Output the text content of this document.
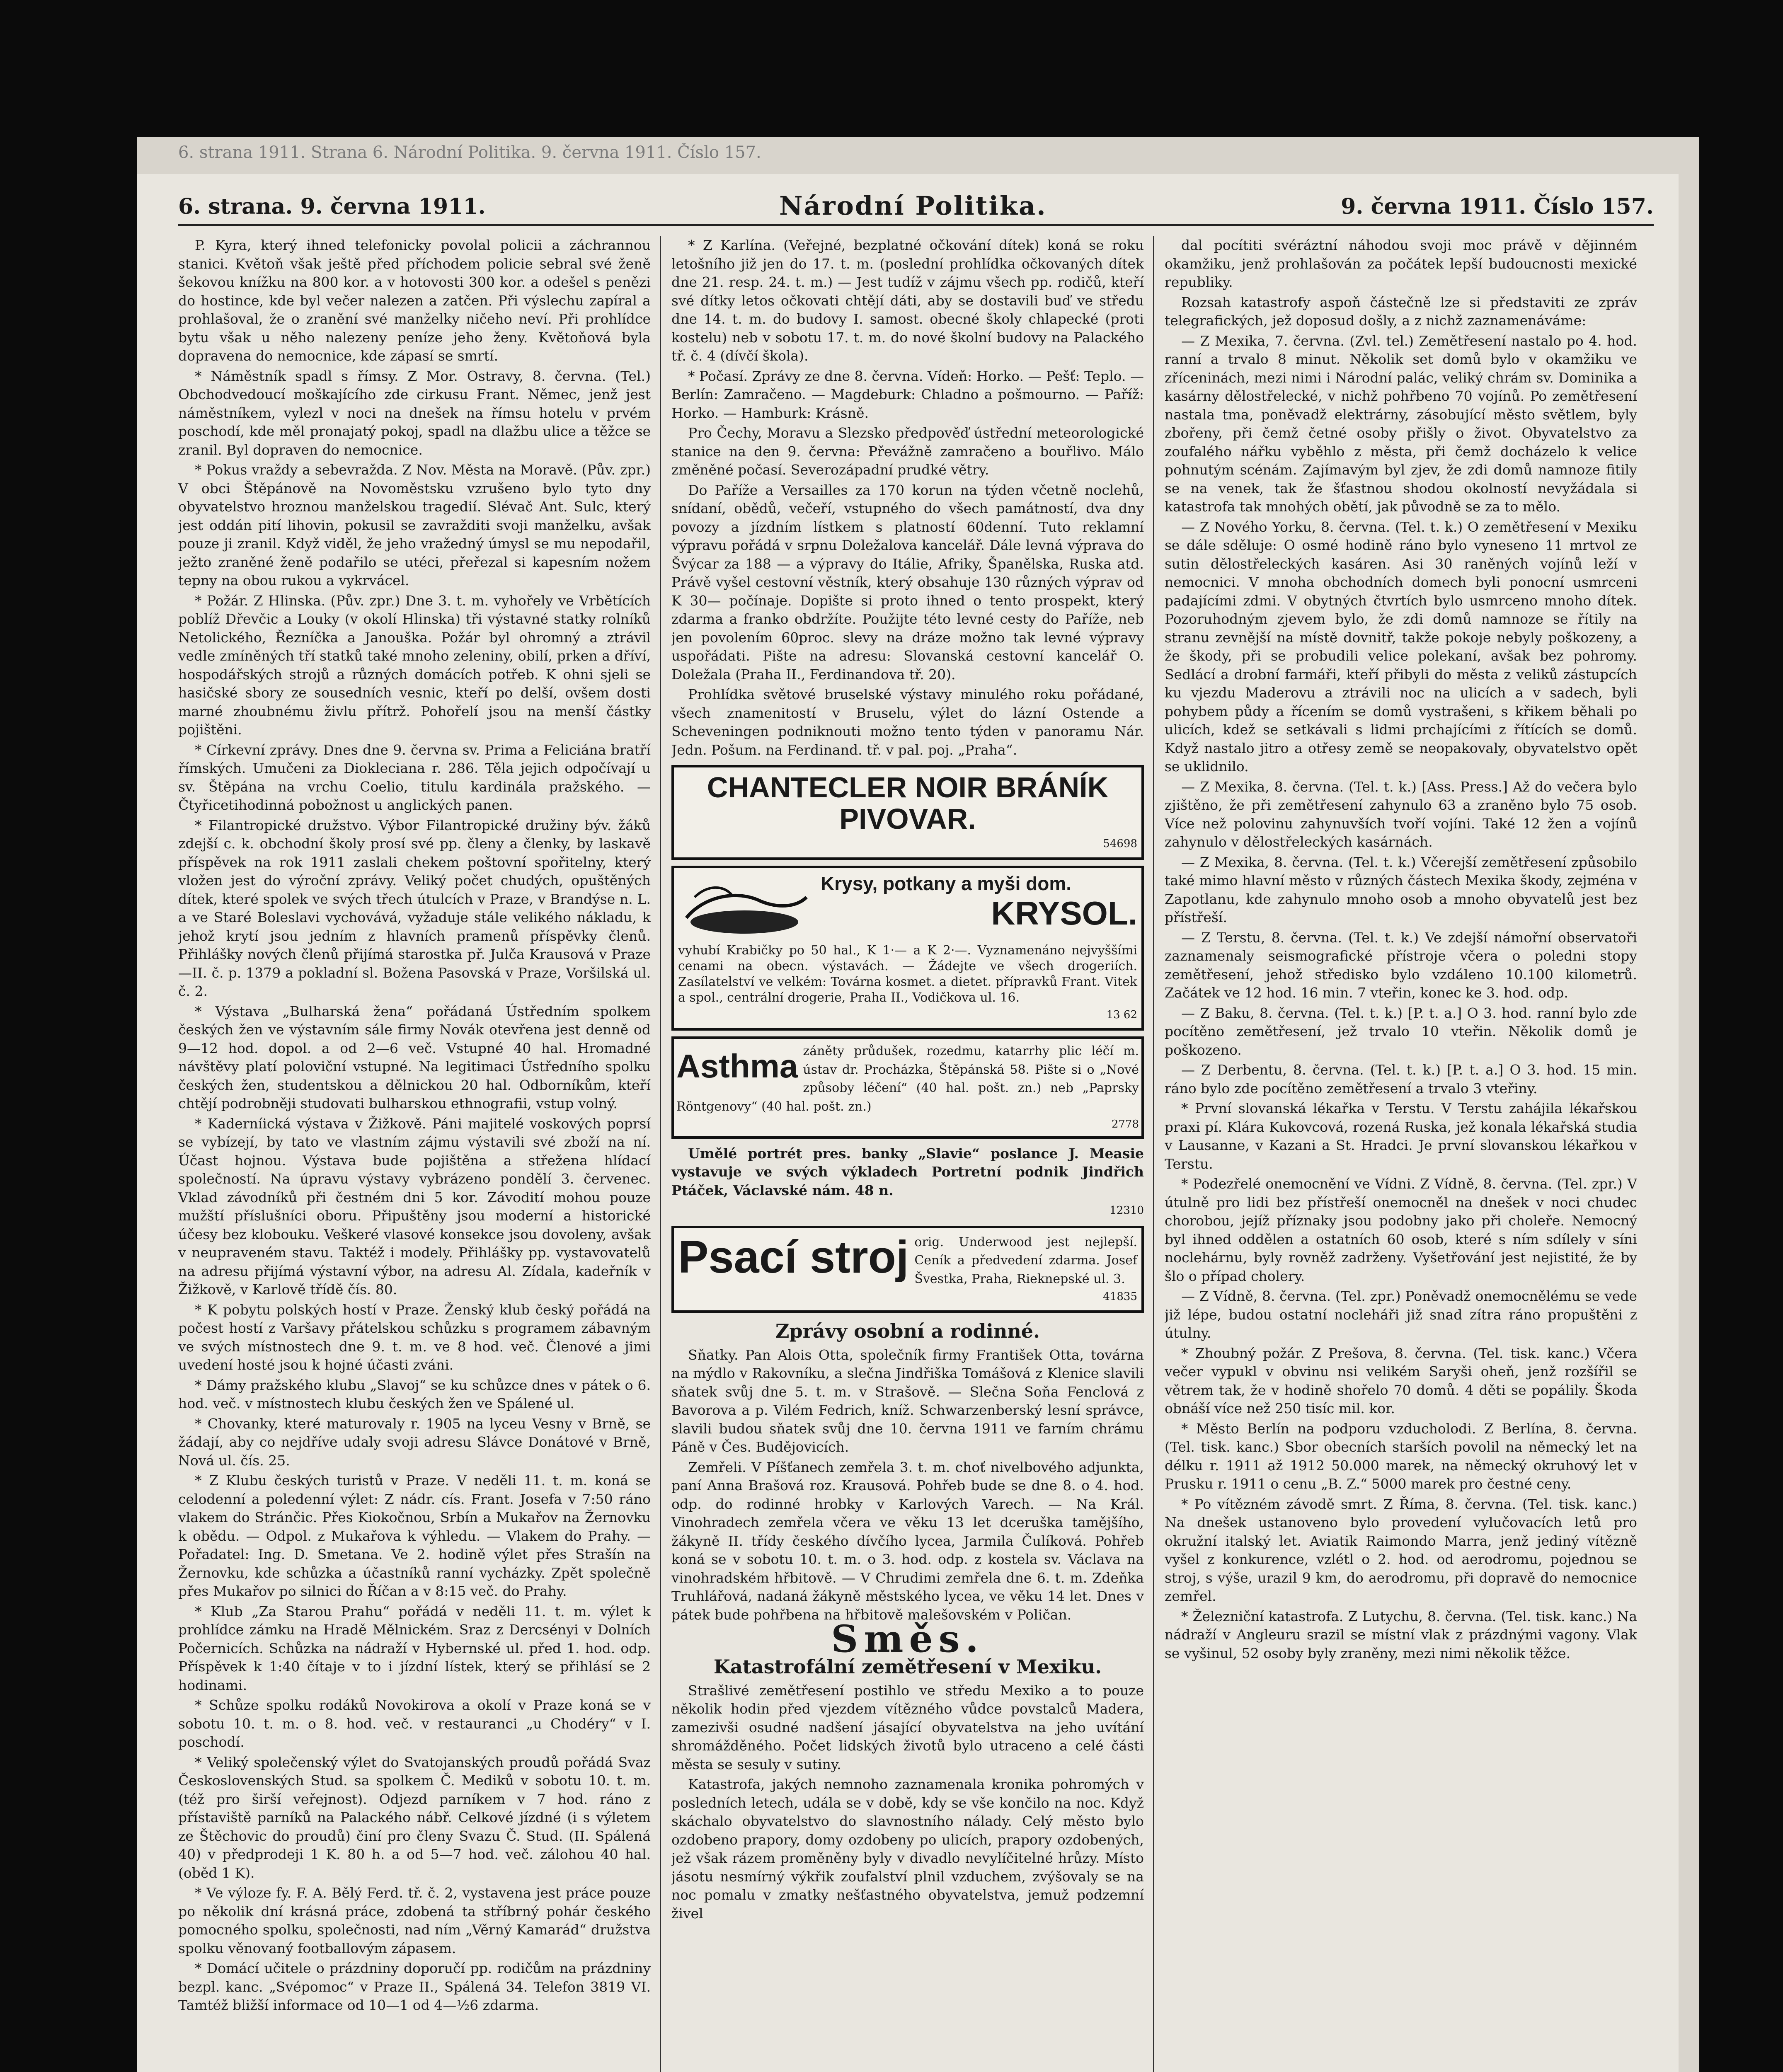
6. strana 1911. Strana 6. Národní Politika. 9. června 1911. Číslo 157.
6. strana. 9. června 1911.	Národní Politika.	9. června 1911. Číslo 157.

P. Kyra, který ihned telefonicky povolal policii a záchrannou stanici. Květoň však ještě před příchodem policie sebral své ženě šekovou knížku na 800 kor. a v hotovosti 300 kor. a odešel s penězi do hostince, kde byl večer nalezen a zatčen. Při výslechu zapíral a prohlašoval, že o zranění své manželky ničeho neví. Při prohlídce bytu však u něho nalezeny peníze jeho ženy. Květoňová byla dopravena do nemocnice, kde zápasí se smrtí.

* Náměstník spadl s římsy. Z Mor. Ostravy, 8. června. (Tel.) Obchodvedoucí moškajícího zde cirkusu Frant. Němec, jenž jest náměstníkem, vylezl v noci na dnešek na římsu hotelu v prvém poschodí, kde měl pronajatý pokoj, spadl na dlažbu ulice a těžce se zranil. Byl dopraven do nemocnice.

* Pokus vraždy a sebevražda. Z Nov. Města na Moravě. (Pův. zpr.) V obci Štěpánově na Novoměstsku vzrušeno bylo tyto dny obyvatelstvo hroznou manželskou tragedií. Slévač Ant. Sulc, který jest oddán pití lihovin, pokusil se zavražditi svoji manželku, avšak pouze ji zranil. Když viděl, že jeho vražedný úmysl se mu nepodařil, ježto zraněné ženě podařilo se utéci, přeřezal si kapesním nožem tepny na obou rukou a vykrvácel.

* Požár. Z Hlinska. (Pův. zpr.) Dne 3. t. m. vyhořely ve Vrbětících poblíž Dřevčic a Louky (v okolí Hlinska) tři výstavné statky rolníků Netolického, Řezníčka a Janouška. Požár byl ohromný a ztrávil vedle zmíněných tří statků také mnoho zeleniny, obilí, prken a dříví, hospodářských strojů a různých domácích potřeb. K ohni sjeli se hasičské sbory ze sousedních vesnic, kteří po delší, ovšem dosti marné zhoubnému živlu přítrž. Pohořelí jsou na menší částky pojištěni.

* Církevní zprávy. Dnes dne 9. června sv. Prima a Feliciána bratří římských. Umučeni za Diokleciana r. 286. Těla jejich odpočívají u sv. Štěpána na vrchu Coelio, titulu kardinála pražského. — Čtyřicetihodinná pobožnost u anglických panen.

* Filantropické družstvo. Výbor Filantropické družiny býv. žáků zdejší c. k. obchodní školy prosí své pp. členy a členky, by laskavě příspěvek na rok 1911 zaslali chekem poštovní spořitelny, který vložen jest do výroční zprávy. Veliký počet chudých, opuštěných dítek, které spolek ve svých třech útulcích v Praze, v Brandýse n. L. a ve Staré Boleslavi vychovává, vyžaduje stále velikého nákladu, k jehož krytí jsou jedním z hlavních pramenů příspěvky členů. Přihlášky nových členů přijímá starostka př. Julča Krausová v Praze—II. č. p. 1379 a pokladní sl. Božena Pasovská v Praze, Voršilská ul. č. 2.

* Výstava „Bulharská žena“ pořádaná Ústředním spolkem českých žen ve výstavním sále firmy Novák otevřena jest denně od 9—12 hod. dopol. a od 2—6 več. Vstupné 40 hal. Hromadné návštěvy platí poloviční vstupné. Na legitimaci Ústředního spolku českých žen, studentskou a dělnickou 20 hal. Odborníkům, kteří chtějí podrobněji studovati bulharskou ethnografii, vstup volný.

* Kaderníická výstava v Žižkově. Páni majitelé voskových poprsí se vybízejí, by tato ve vlastním zájmu výstavili své zboží na ní. Účast hojnou. Výstava bude pojištěna a střežena hlídací společností. Na úpravu výstavy vybrázeno pondělí 3. červenec. Vklad závodníků při čestném dni 5 kor. Závodití mohou pouze mužští příslušníci oboru. Připuštěny jsou moderní a historické účesy bez klobouku. Veškeré vlasové konsekce jsou dovoleny, avšak v neupraveném stavu. Taktéž i modely. Přihlášky pp. vystavovatelů na adresu přijímá výstavní výbor, na adresu Al. Zídala, kadeřník v Žižkově, v Karlově třídě čís. 80.

* K pobytu polských hostí v Praze. Ženský klub český pořádá na počest hostí z Varšavy přátelskou schůzku s programem zábavným ve svých místnostech dne 9. t. m. ve 8 hod. več. Členové a jimi uvedení hosté jsou k hojné účasti zváni.

* Dámy pražského klubu „Slavoj“ se ku schůzce dnes v pátek o 6. hod. več. v místnostech klubu českých žen ve Spálené ul.

* Chovanky, které maturovaly r. 1905 na lyceu Vesny v Brně, se žádají, aby co nejdříve udaly svoji adresu Slávce Donátové v Brně, Nová ul. čís. 25.

* Z Klubu českých turistů v Praze. V neděli 11. t. m. koná se celodenní a poledenní výlet: Z nádr. cís. Frant. Josefa v 7:50 ráno vlakem do Stránčic. Přes Kiokočnou, Srbín a Mukařov na Žernovku k obědu. — Odpol. z Mukařova k výhledu. — Vlakem do Prahy. — Pořadatel: Ing. D. Smetana. Ve 2. hodině výlet přes Strašín na Žernovku, kde schůzka a účastníků ranní vycházky. Zpět společně přes Mukařov po silnici do Říčan a v 8:15 več. do Prahy.

* Klub „Za Starou Prahu“ pořádá v neděli 11. t. m. výlet k prohlídce zámku na Hradě Mělnickém. Sraz z Dercsényi v Dolních Počernicích. Schůzka na nádraží v Hybernské ul. před 1. hod. odp. Příspěvek k 1:40 čítaje v to i jízdní lístek, který se přihlásí se 2 hodinami.

* Schůze spolku rodáků Novokirova a okolí v Praze koná se v sobotu 10. t. m. o 8. hod. več. v restauranci „u Chodéry“ v I. poschodí.

* Veliký společenský výlet do Svatojanských proudů pořádá Svaz Československých Stud. sa spolkem Č. Mediků v sobotu 10. t. m. (též pro širší veřejnost). Odjezd parníkem v 7 hod. ráno z přístaviště parníků na Palackého nábř. Celkové jízdné (i s výletem ze Štěchovic do proudů) činí pro členy Svazu Č. Stud. (II. Spálená 40) v předprodeji 1 K. 80 h. a od 5—7 hod. več. zálohou 40 hal. (oběd 1 K).

* Ve výloze fy. F. A. Bělý Ferd. tř. č. 2, vystavena jest práce pouze po několik dní krásná práce, zdobená ta stříbrný pohár českého pomocného spolku, společnosti, nad ním „Věrný Kamarád“ družstva spolku věnovaný footballovým zápasem.

* Domácí učitele o prázdniny doporučí pp. rodičům na prázdniny bezpl. kanc. „Svépomoc“ v Praze II., Spálená 34. Telefon 3819 VI. Tamtéž bližší informace od 10—1 od 4—½6 zdarma.

* Z Karlína. (Veřejné, bezplatné očkování dítek) koná se roku letošního již jen do 17. t. m. (poslední prohlídka očkovaných dítek dne 21. resp. 24. t. m.) — Jest tudíž v zájmu všech pp. rodičů, kteří své dítky letos očkovati chtějí dáti, aby se dostavili buď ve středu dne 14. t. m. do budovy I. samost. obecné školy chlapecké (proti kostelu) neb v sobotu 17. t. m. do nové školní budovy na Palackého tř. č. 4 (dívčí škola).

* Počasí. Zprávy ze dne 8. června. Vídeň: Horko. — Pešť: Teplo. — Berlín: Zamračeno. — Magdeburk: Chladno a pošmourno. — Paříž: Horko. — Hamburk: Krásně.

Pro Čechy, Moravu a Slezsko předpověď ústřední meteorologické stanice na den 9. června: Převážně zamračeno a bouřlivo. Málo změněné počasí. Severozápadní prudké větry.

Do Paříže a Versailles za 170 korun na týden včetně noclehů, snídaní, obědů, večeří, vstupného do všech památností, dva dny povozy a jízdním lístkem s platností 60denní. Tuto reklamní výpravu pořádá v srpnu Doležalova kancelář. Dále levná výprava do Švýcar za 188 — a výpravy do Itálie, Afriky, Španělska, Ruska atd. Právě vyšel cestovní věstník, který obsahuje 130 různých výprav od K 30— počínaje. Dopište si proto ihned o tento prospekt, který zdarma a franko obdržíte. Použijte této levné cesty do Paříže, neb jen povolením 60proc. slevy na dráze možno tak levné výpravy uspořádati. Pište na adresu: Slovanská cestovní kancelář O. Doležala (Praha II., Ferdinandova tř. 20).

Prohlídka světové bruselské výstavy minulého roku pořádané, všech znamenitostí v Bruselu, výlet do lázní Ostende a Scheveningen podniknouti možno tento týden v panoramu Nár. Jedn. Pošum. na Ferdinand. tř. v pal. poj. „Praha“.

CHANTECLER NOIR BRÁNÍK PIVOVAR.
54698
Krysy, potkany a myši dom.
KRYSOL.
vyhubí Krabičky po 50 hal., K 1·— a K 2·—. Vyznamenáno nejvyššími cenami na obecn. výstavách. — Žádejte ve všech drogeriích. Zasílatelství ve velkém: Továrna kosmet. a dietet. přípravků Frant. Vitek a spol., centrální drogerie, Praha II., Vodičkova ul. 16.
13 62
Asthma záněty průdušek, rozedmu, katarrhy plic léčí m. ústav dr. Procházka, Štěpánská 58. Pište si o „Nové způsoby léčení“ (40 hal. pošt. zn.) neb „Paprsky Röntgenovy“ (40 hal. pošt. zn.)
2778

Umělé portrét pres. banky „Slavie“ poslance J. Measie vystavuje ve svých výkladech Portretní podnik Jindřich Ptáček, Václavské nám. 48 n.

12310
Psací stroj orig. Underwood jest nejlepší. Ceník a předvedení zdarma. Josef Švestka, Praha, Rieknepské ul. 3.
41835
Zprávy osobní a rodinné.

Sňatky. Pan Alois Otta, společník firmy František Otta, továrna na mýdlo v Rakovníku, a slečna Jindřiška Tomášová z Klenice slavili sňatek svůj dne 5. t. m. v Strašově. — Slečna Soňa Fenclová z Bavorova a p. Vilém Fedrich, kníž. Schwarzenberský lesní správce, slavili budou sňatek svůj dne 10. června 1911 ve farním chrámu Páně v Čes. Budějovicích.

Zemřeli. V Píšťanech zemřela 3. t. m. choť nivelbového adjunkta, paní Anna Brašová roz. Krausová. Pohřeb bude se dne 8. o 4. hod. odp. do rodinné hrobky v Karlových Varech. — Na Král. Vinohradech zemřela včera ve věku 13 let dceruška tamějšího, žákyně II. třídy českého dívčího lycea, Jarmila Čulíková. Pohřeb koná se v sobotu 10. t. m. o 3. hod. odp. z kostela sv. Václava na vinohradském hřbitově. — V Chrudimi zemřela dne 6. t. m. Zdeňka Truhlářová, nadaná žákyně městského lycea, ve věku 14 let. Dnes v pátek bude pohřbena na hřbitově malešovském v Poličan.

Směs.
Katastrofální zemětřesení v Mexiku.

Strašlivé zemětřesení postihlo ve středu Mexiko a to pouze několik hodin před vjezdem vítězného vůdce povstalců Madera, zamezivši osudné nadšení jásající obyvatelstva na jeho uvítání shromážděného. Počet lidských životů bylo utraceno a celé části města se sesuly v sutiny.

Katastrofa, jakých nemnoho zaznamenala kronika pohromých v posledních letech, udála se v době, kdy se vše končilo na noc. Když skáchalo obyvatelstvo do slavnostního nálady. Celý město bylo ozdobeno prapory, domy ozdobeny po ulicích, prapory ozdobených, jež však rázem proměněny byly v divadlo nevylíčitelné hrůzy. Místo jásotu nesmírný výkřik zoufalství plnil vzduchem, zvýšovaly se na noc pomalu v zmatky nešťastného obyvatelstva, jemuž podzemní živel

dal pocítiti svéráztní náhodou svoji moc právě v dějinném okamžiku, jenž prohlašován za počátek lepší budoucnosti mexické republiky.

Rozsah katastrofy aspoň částečně lze si představiti ze zpráv telegrafických, jež doposud došly, a z nichž zaznamenáváme:

— Z Mexika, 7. června. (Zvl. tel.) Zemětřesení nastalo po 4. hod. ranní a trvalo 8 minut. Několik set domů bylo v okamžiku ve zříceninách, mezi nimi i Národní palác, veliký chrám sv. Dominika a kasárny dělostřelecké, v nichž pohřbeno 70 vojínů. Po zemětřesení nastala tma, poněvadž elektrárny, zásobující město světlem, byly zbořeny, při čemž četné osoby přišly o život. Obyvatelstvo za zoufalého nářku vyběhlo z města, při čemž docházelo k velice pohnutým scénám. Zajímavým byl zjev, že zdi domů namnoze fitily se na venek, tak že šťastnou shodou okolností nevyžádala si katastrofa tak mnohých obětí, jak původně se za to mělo.

— Z Nového Yorku, 8. června. (Tel. t. k.) O zemětřesení v Mexiku se dále sděluje: O osmé hodině ráno bylo vyneseno 11 mrtvol ze sutin dělostřeleckých kasáren. Asi 30 raněných vojínů leží v nemocnici. V mnoha obchodních domech byli ponocní usmrceni padajícími zdmi. V obytných čtvrtích bylo usmrceno mnoho dítek. Pozoruhodným zjevem bylo, že zdi domů namnoze se řítily na stranu zevnější na místě dovnitř, takže pokoje nebyly poškozeny, a že škody, při se probudili velice polekaní, avšak bez pohromy. Sedlácí a drobní farmáři, kteří přibyli do města z veliků zástupcích ku vjezdu Maderovu a ztrávili noc na ulicích a v sadech, byli pohybem půdy a řícením se domů vystrašeni, s křikem běhali po ulicích, kdež se setkávali s lidmi prchajícími z řítících se domů. Když nastalo jitro a otřesy země se neopakovaly, obyvatelstvo opět se uklidnilo.

— Z Mexika, 8. června. (Tel. t. k.) [Ass. Press.] Až do večera bylo zjištěno, že při zemětřesení zahynulo 63 a zraněno bylo 75 osob. Více než polovinu zahynuvších tvoří vojíni. Také 12 žen a vojínů zahynulo v dělostřeleckých kasárnách.

— Z Mexika, 8. června. (Tel. t. k.) Včerejší zemětřesení způsobilo také mimo hlavní město v různých částech Mexika škody, zejména v Zapotlanu, kde zahynulo mnoho osob a mnoho obyvatelů jest bez přístřeší.

— Z Terstu, 8. června. (Tel. t. k.) Ve zdejší námořní observatoři zaznamenaly seismografické přístroje včera o poledni stopy zemětřesení, jehož středisko bylo vzdáleno 10.100 kilometrů. Začátek ve 12 hod. 16 min. 7 vteřin, konec ke 3. hod. odp.

— Z Baku, 8. června. (Tel. t. k.) [P. t. a.] O 3. hod. ranní bylo zde pocítěno zemětřesení, jež trvalo 10 vteřin. Několik domů je poškozeno.

— Z Derbentu, 8. června. (Tel. t. k.) [P. t. a.] O 3. hod. 15 min. ráno bylo zde pocítěno zemětřesení a trvalo 3 vteřiny.

* První slovanská lékařka v Terstu. V Terstu zahájila lékařskou praxi pí. Klára Kukovcová, rozená Ruska, jež konala lékařská studia v Lausanne, v Kazani a St. Hradci. Je první slovanskou lékařkou v Terstu.

* Podezřelé onemocnění ve Vídni. Z Vídně, 8. června. (Tel. zpr.) V útulně pro lidi bez přístřeší onemocněl na dnešek v noci chudec chorobou, jejíž příznaky jsou podobny jako při choleře. Nemocný byl ihned oddělen a ostatních 60 osob, které s ním sdílely v síni noclehárnu, byly rovněž zadrženy. Vyšetřování jest nejistité, že by šlo o případ cholery.

— Z Vídně, 8. června. (Tel. zpr.) Poněvadž onemocnělému se vede již lépe, budou ostatní nocleháři již snad zítra ráno propuštěni z útulny.

* Zhoubný požár. Z Prešova, 8. června. (Tel. tisk. kanc.) Včera večer vypukl v obvinu nsi velikém Saryši oheň, jenž rozšířil se větrem tak, že v hodině shořelo 70 domů. 4 děti se popálily. Škoda obnáší více než 250 tisíc mil. kor.

* Město Berlín na podporu vzducholodi. Z Berlína, 8. června. (Tel. tisk. kanc.) Sbor obecních starších povolil na německý let na délku r. 1911 až 1912 50.000 marek, na německý okruhový let v Prusku r. 1911 o cenu „B. Z.“ 5000 marek pro čestné ceny.

* Po vítězném závodě smrt. Z Říma, 8. června. (Tel. tisk. kanc.) Na dnešek ustanoveno bylo provedení vylučovacích letů pro okružní italský let. Aviatik Raimondo Marra, jenž jediný vítězně vyšel z konkurence, vzlétl o 2. hod. od aerodromu, pojednou se stroj, s výše, urazil 9 km, do aerodromu, při dopravě do nemocnice zemřel.

* Železniční katastrofa. Z Lutychu, 8. června. (Tel. tisk. kanc.) Na nádraží v Angleuru srazil se místní vlak z prázdnými vagony. Vlak se vyšinul, 52 osoby byly zraněny, mezi nimi několik těžce.
